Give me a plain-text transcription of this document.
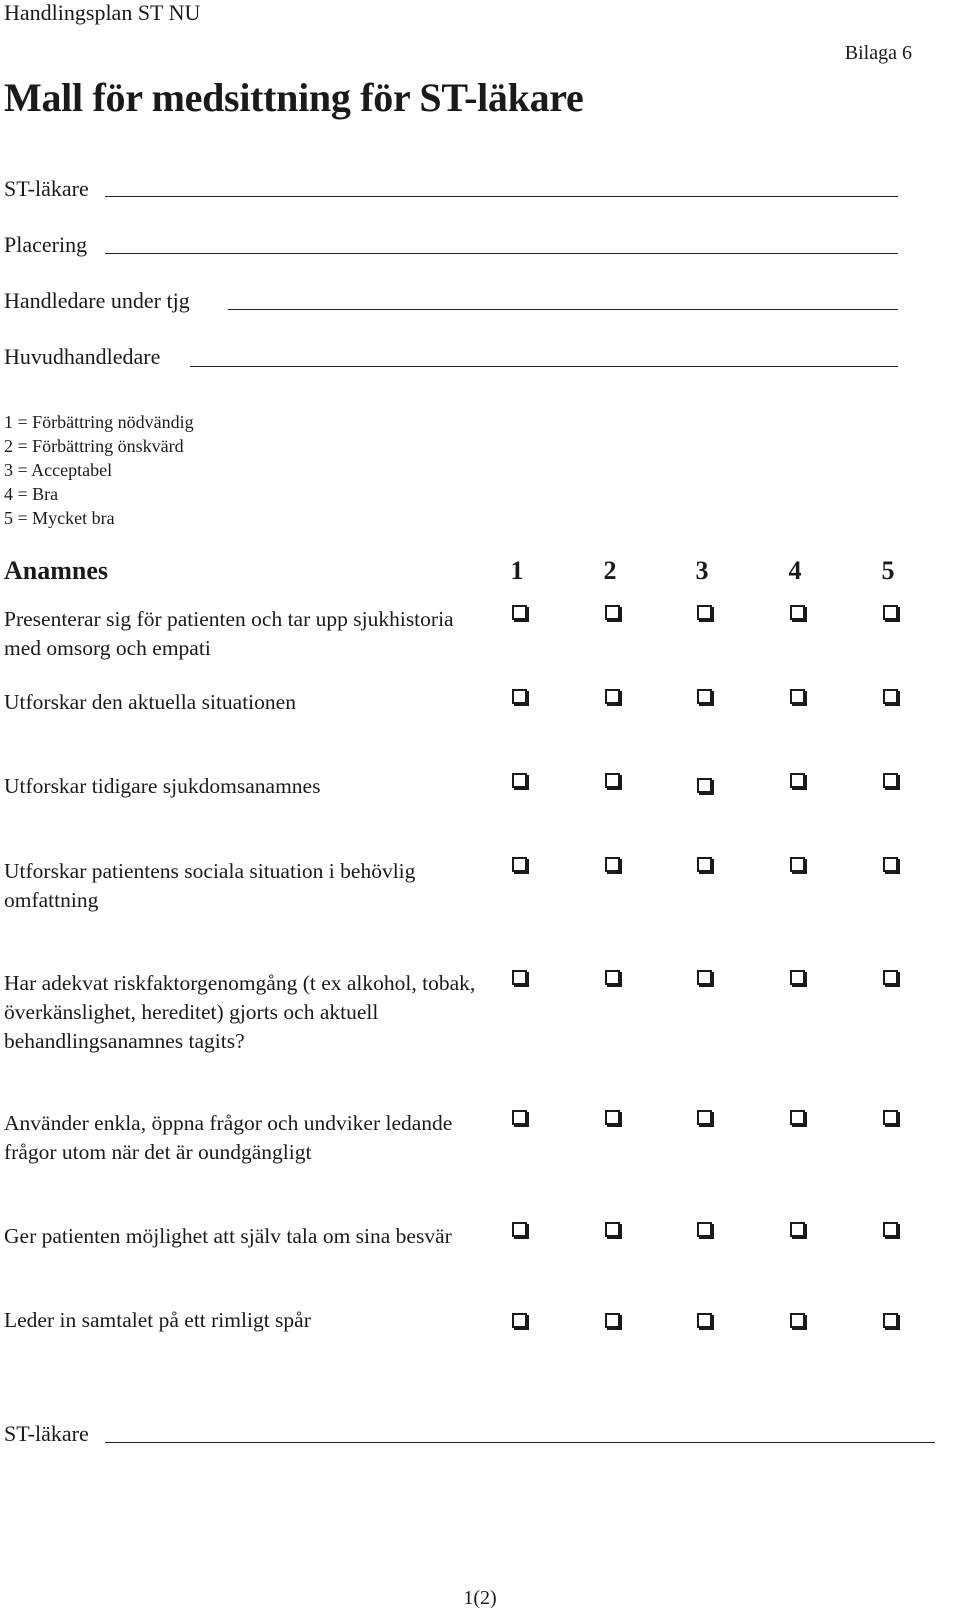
Handlingsplan ST NU
Bilaga 6
Mall för medsittning för ST-läkare
ST-läkare
Placering
Handledare under tjg
Huvudhandledare
1 = Förbättring nödvändig
2 = Förbättring önskvärd
3 = Acceptabel
4 = Bra
5 = Mycket bra
Anamnes	1	2	3	4	5
Presenterar sig för patienten och tar upp sjukhistoria med omsorg och empati
Utforskar den aktuella situationen
Utforskar tidigare sjukdomsanamnes
Utforskar patientens sociala situation i behövlig omfattning
Har adekvat riskfaktorgenomgång (t ex alkohol, tobak, överkänslighet, hereditet) gjorts och aktuell behandlingsanamnes tagits?
Använder enkla, öppna frågor och undviker ledande frågor utom när det är oundgängligt
Ger patienten möjlighet att själv tala om sina besvär
Leder in samtalet på ett rimligt spår
ST-läkare
1(2)
